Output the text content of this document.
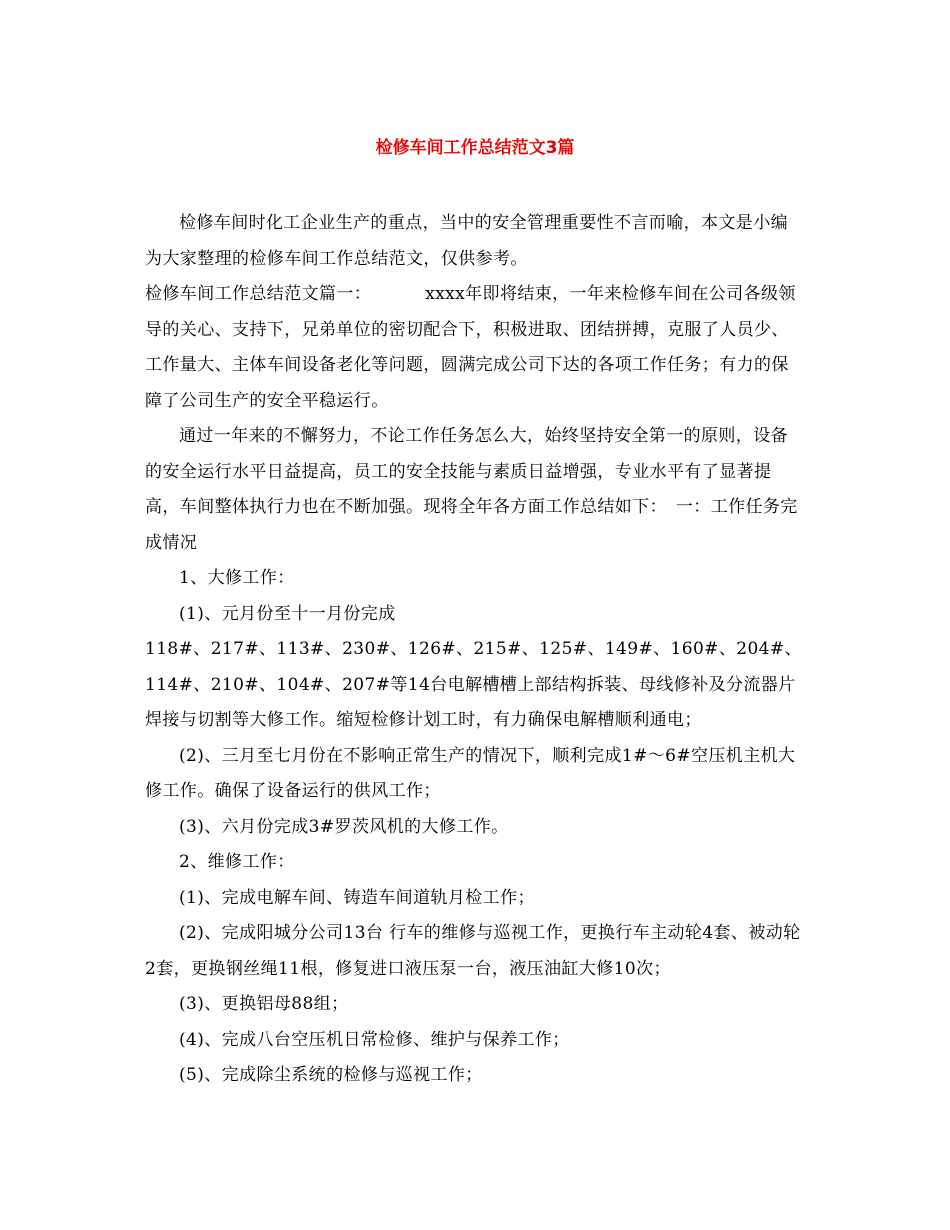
检修车间工作总结范文3篇

检修车间时化工企业生产的重点，当中的安全管理重要性不言而喻，本文是小编为大家整理的检修车间工作总结范文，仅供参考。

检修车间工作总结范文篇一：	xxxx年即将结束，一年来检修车间在公司各级领导的关心、支持下，兄弟单位的密切配合下，积极进取、团结拼搏，克服了人员少、工作量大、主体车间设备老化等问题，圆满完成公司下达的各项工作任务；有力的保障了公司生产的安全平稳运行。

通过一年来的不懈努力，不论工作任务怎么大，始终坚持安全第一的原则，设备的安全运行水平日益提高，员工的安全技能与素质日益增强，专业水平有了显著提高，车间整体执行力也在不断加强。现将全年各方面工作总结如下：　一：工作任务完成情况

1、大修工作：

(1)、元月份至十一月份完成

118#、217#、113#、230#、126#、215#、125#、149#、160#、204#、114#、210#、104#、207#等14台电解槽槽上部结构拆装、母线修补及分流器片焊接与切割等大修工作。缩短检修计划工时，有力确保电解槽顺利通电；

(2)、三月至七月份在不影响正常生产的情况下，顺利完成1#～6#空压机主机大修工作。确保了设备运行的供风工作；

(3)、六月份完成3#罗茨风机的大修工作。

2、维修工作：

(1)、完成电解车间、铸造车间道轨月检工作；

(2)、完成阳城分公司13台 行车的维修与巡视工作，更换行车主动轮4套、被动轮2套，更换钢丝绳11根，修复进口液压泵一台，液压油缸大修10次；

(3)、更换铝母88组；

(4)、完成八台空压机日常检修、维护与保养工作；

(5)、完成除尘系统的检修与巡视工作；
